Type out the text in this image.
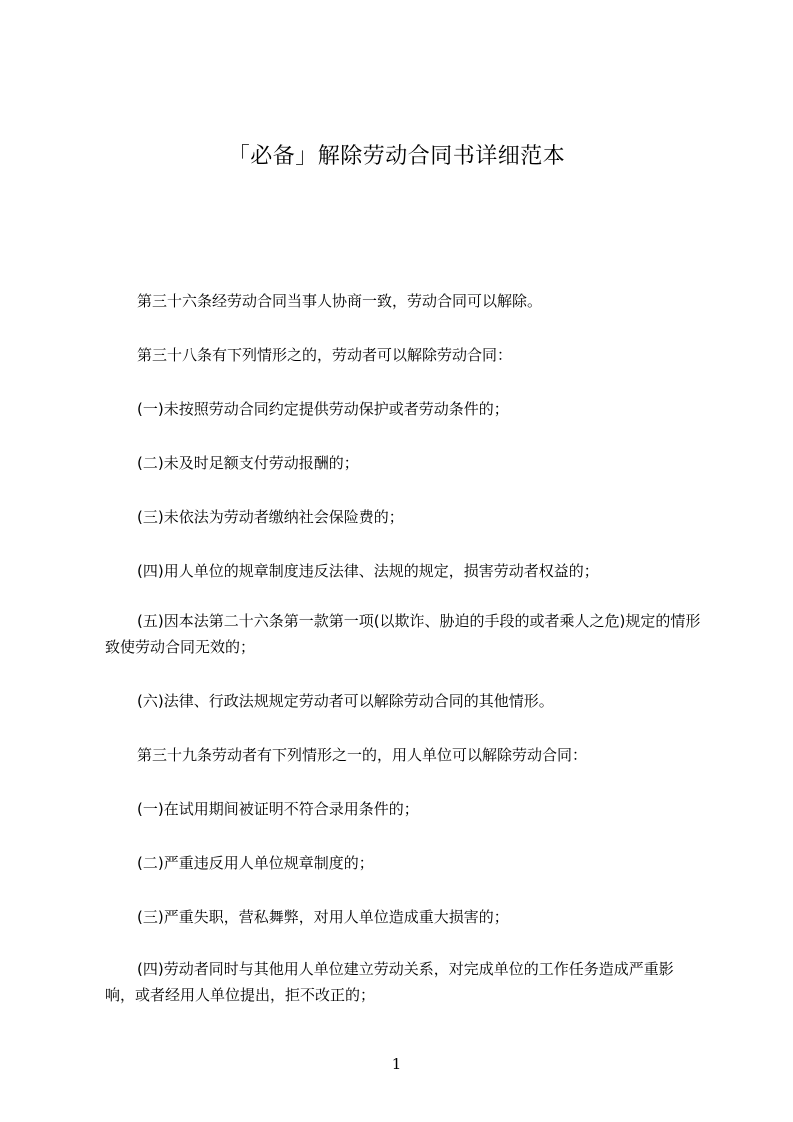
「必备」解除劳动合同书详细范本
第三十六条经劳动合同当事人协商一致，劳动合同可以解除。
第三十八条有下列情形之的，劳动者可以解除劳动合同：
(一)未按照劳动合同约定提供劳动保护或者劳动条件的；
(二)未及时足额支付劳动报酬的；
(三)未依法为劳动者缴纳社会保险费的；
(四)用人单位的规章制度违反法律、法规的规定，损害劳动者权益的；
(五)因本法第二十六条第一款第一项(以欺诈、胁迫的手段的或者乘人之危)规定的情形致使劳动合同无效的；
(六)法律、行政法规规定劳动者可以解除劳动合同的其他情形。
第三十九条劳动者有下列情形之一的，用人单位可以解除劳动合同：
(一)在试用期间被证明不符合录用条件的；
(二)严重违反用人单位规章制度的；
(三)严重失职，营私舞弊，对用人单位造成重大损害的；
(四)劳动者同时与其他用人单位建立劳动关系，对完成单位的工作任务造成严重影响，或者经用人单位提出，拒不改正的；
1
